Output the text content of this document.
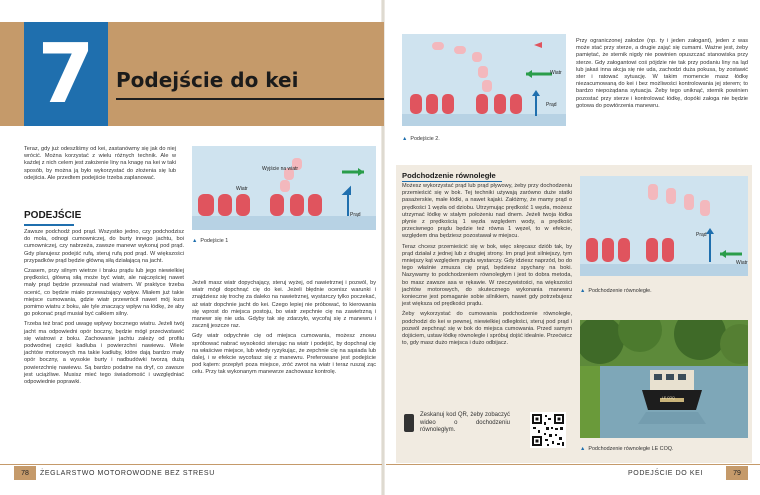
7	Podejście do kei
Teraz, gdy już odeszliśmy od kei, zastanówmy się jak do niej wrócić. Można korzystać z wielu różnych technik. Ale w każdej z nich celem jest założenie liny na knagę na kei w taki sposób, by można ją było wykorzystać do złożenia się lub odejścia. Ale przedtem podejście trzeba zaplanować.
PODEJŚCIE

Zawsze podchodź pod prąd. Wszystko jedno, czy podchodzisz do mola, odnogi cumowniczej, do burty innego jachtu, boi cumowniczej, czy nabrzeża, zawsze manewr wykonuj pod prąd. Gdy planujesz podejść rufą, steruj rufą pod prąd. W większości przypadków prąd będzie główną siłą działającą na jacht.

Czasem, przy silnym wietrze i braku prądu lub jego niewielkiej prędkości, główną siłą może być wiatr, ale najczęściej nawet mały prąd będzie przeważał nad wiatrem. W praktyce trzeba ocenić, co będzie miało przeważający wpływ. Miałem już takie miejsce cumowania, gdzie wiatr przewrócił nawet mój kurs pomimo wiatru z boku, ale tyle znaczący wpływ na łódkę, że aby go pokonać prąd musiał być całkiem silny.

Trzeba też brać pod uwagę wpływy bocznego wiatru. Jeżeli twój jacht ma odpowiedni opór boczny, będzie mógł przeciwstawić się wiatrowi z boku. Zachowanie jachtu zależy od profilu podwodnej części kadłuba i powierzchni nawiewu. Wiele jachtów motorowych ma takie kadłuby, które dają bardzo mały opór boczny, a wysokie burty i nadbudówki tworzą dużą powierzchnię nawiewu. Są bardzo podatne na dryf, co zawsze jest uciążliwe. Musisz mieć tego świadomość i uwzględniać odpowiednie poprawki.

Wiatr
Wyjście na wiatr
Prąd
▲ Podejście 1

Jeżeli masz wiatr dopychający, steruj wyżej, od nawietrznej i pozwól, by wiatr mógł dopchnąć cię do kei. Jeżeli błędnie ocenisz warunki i znajdziesz się trochę za daleko na nawietrznej, wystarczy tylko poczekać, aż wiatr dopchnie jacht do kei. Czego lepiej nie próbować, to kierowania się wprost do miejsca postoju, bo wiatr zepchnie cię na zawietrzną i manewr się nie uda. Gdyby tak się zdarzyło, wycofaj się z manewru i zacznij jeszcze raz.

Gdy wiatr odpychnie cię od miejsca cumowania, możesz znowu spróbować nabrać wysokości sterując na wiatr i podejść, by dopchnął cię na właściwe miejsce, lub wtedy ryzykując, że zepchnie cię na sąsiada lub dalej, i w efekcie wycofasz się z manewru. Preferowane jest podejście pod kątem: przepłyń poza miejsce, zróć zwrot na wiatr i teraz ruszaj ząc celu. Przy tak wykonanym manewrze zachowasz kontrolę.

78	ŻEGLARSTWO MOTOROWODNE BEZ STRESU
Wiatr
Prąd
▲ Podejście 2.
Przy ograniczonej załodze (np. ty i jeden załogant), jeden z was może stać przy sterze, a drugie zająć się cumami. Ważne jest, żeby pamiętać, że sternik nigdy nie powinien opuszczać stanowiska przy sterze. Gdy załogantowi coś pójdzie nie tak przy podaniu liny na ląd lub jakaś inna akcja się nie uda, zachodzi duża pokusa, by zostawić ster i ratować sytuację. W takim momencie masz łódkę niezacumowaną do kei i bez możliwości kontrolowania jej sterem; to bardzo niepożądana sytuacja. Żeby tego uniknąć, sternik powinien pozostać przy sterze i kontrolować łódkę, dopóki załoga nie będzie gotowa do powtórzenia manewru.
Podchodzenie równoległe

Możesz wykorzystać prąd lub prąd pływowy, żeby przy dochodzeniu przemieścić się w bok. Tej techniki używają zarówno duże statki pasażerskie, małe łódki, a nawet kajaki. Załóżmy, że mamy prąd o prędkości 1 węzła od dziobu. Utrzymując prędkość 1 węzła, możesz utrzymać łódkę w stałym położeniu nad dnem. Jeżeli twoja łódka płynie z prędkością 1 węzła względem wody, a prędkość przeciwnego prądu będzie też równa 1 węzeł, to w efekcie, względem dna będziesz pozostawał w miejscu.

Teraz chcesz przemieścić się w bok, więc skręcasz dziób tak, by prąd działał z jednej lub z drugiej strony. Im prąd jest silniejszy, tym mniejszy kąt względem prądu wystarczy. Gdy idziesz naprzód, bo do tego właśnie zmusza cię prąd, będziesz spychany na boki. Nazywamy to podchodzeniem równoległym i jest to dobra metoda, bo masz zawsze asa w rękawie. W rzeczywistości, na większości jachtów motorowych, do skutecznego wykonania manewru konieczne jest pomaganie sobie silnikiem, nawet gdy potrzebujesz jest większa od prędkości prądu.

Żeby wykorzystać do cumowania podchodzenie równoległe, podchodzi do kei w pewnej, niewielkiej odległości, steruj pod prąd i pozwól zepchnąć się w bok do miejsca cumowania. Przed samym dojściem, ustaw łódkę równolegle i spróbuj dojść idealnie. Przećwicz to, gdy masz dużo miejsca i dużo odbijacz.

Wiatr
Prąd
▲ Podchodzenie równoległe.
LE COQ
▲ Podchodzenie równoległe LE COQ.
Zeskanuj kod QR, żeby zobaczyć wideo o dochodzeniu równoległym.
PODEJŚCIE DO KEI	79
